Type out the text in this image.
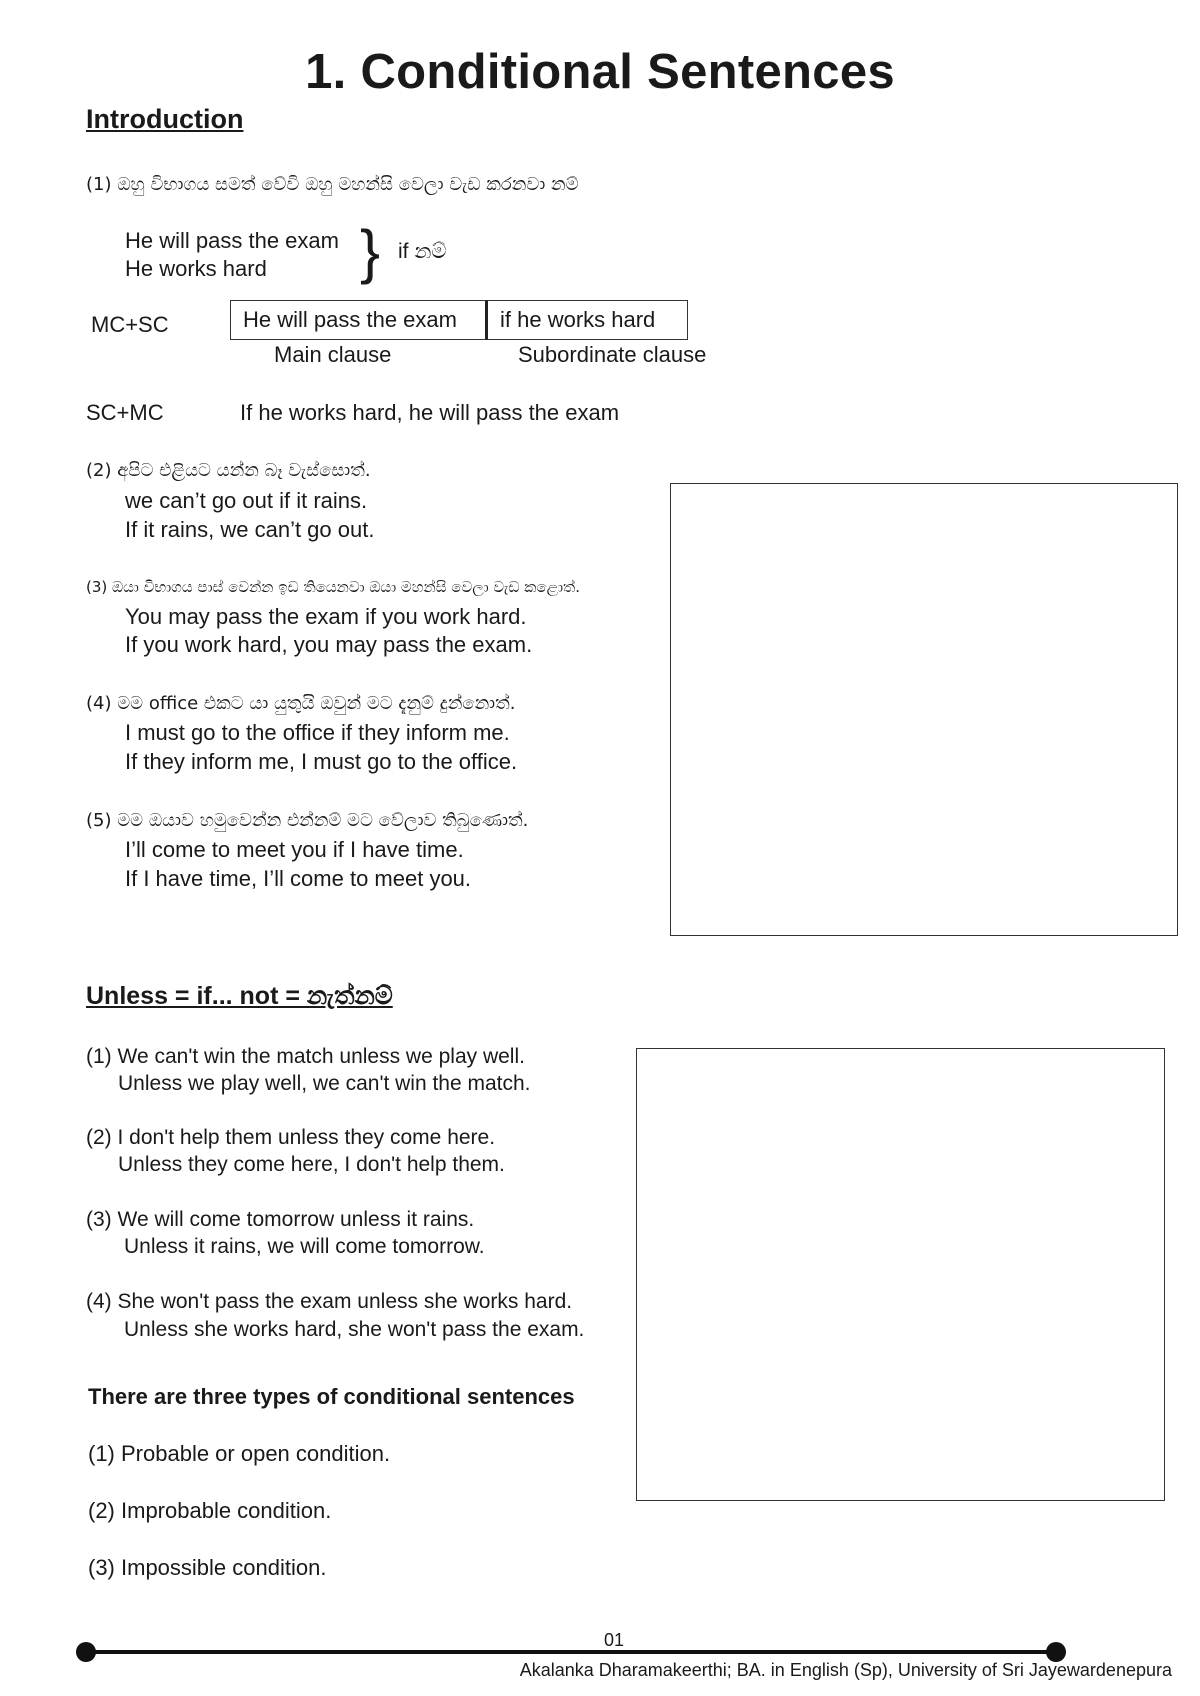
1. Conditional Sentences
Introduction
(1) ඔහු විභාගය සමත් වේවි ඔහු මහන්සි වෙලා වැඩ කරනවා නම්
He will pass the exam
He works hard } if නම්
MC+SC	He will pass the exam	if he works hard
Main clause	Subordinate clause
SC+MC	If he works hard, he will pass the exam
(2) අපිට එළියට යන්න බෑ වැස්සොත්.
we can’t go out if it rains.
If it rains, we can’t go out.
(3) ඔයා විභාගය පාස් වෙන්න ඉඩ තියෙනවා ඔයා මහන්සි වෙලා වැඩ කළොත්.
You may pass the exam if you work hard.
If you work hard, you may pass the exam.
(4) මම office එකට යා යුතුයි ඔවුන් මට දැනුම් දුන්නොත්.
I must go to the office if they inform me.
If they inform me, I must go to the office.
(5) මම ඔයාව හමුවෙන්න එන්නම් මට වේලාව තිබුණොත්.
I’ll come to meet you if I have time.
If I have time, I’ll come to meet you.
Unless = if... not = නැත්නම්
(1) We can't win the match unless we play well.
Unless we play well, we can't win the match.
(2) I don't help them unless they come here.
Unless they come here, I don't help them.
(3) We will come tomorrow unless it rains.
Unless it rains, we will come tomorrow.
(4) She won't pass the exam unless she works hard.
Unless she works hard, she won't pass the exam.
There are three types of conditional sentences
(1) Probable or open condition.
(2) Improbable condition.
(3) Impossible condition.
01
Akalanka Dharamakeerthi; BA. in English (Sp), University of Sri Jayewardenepura
